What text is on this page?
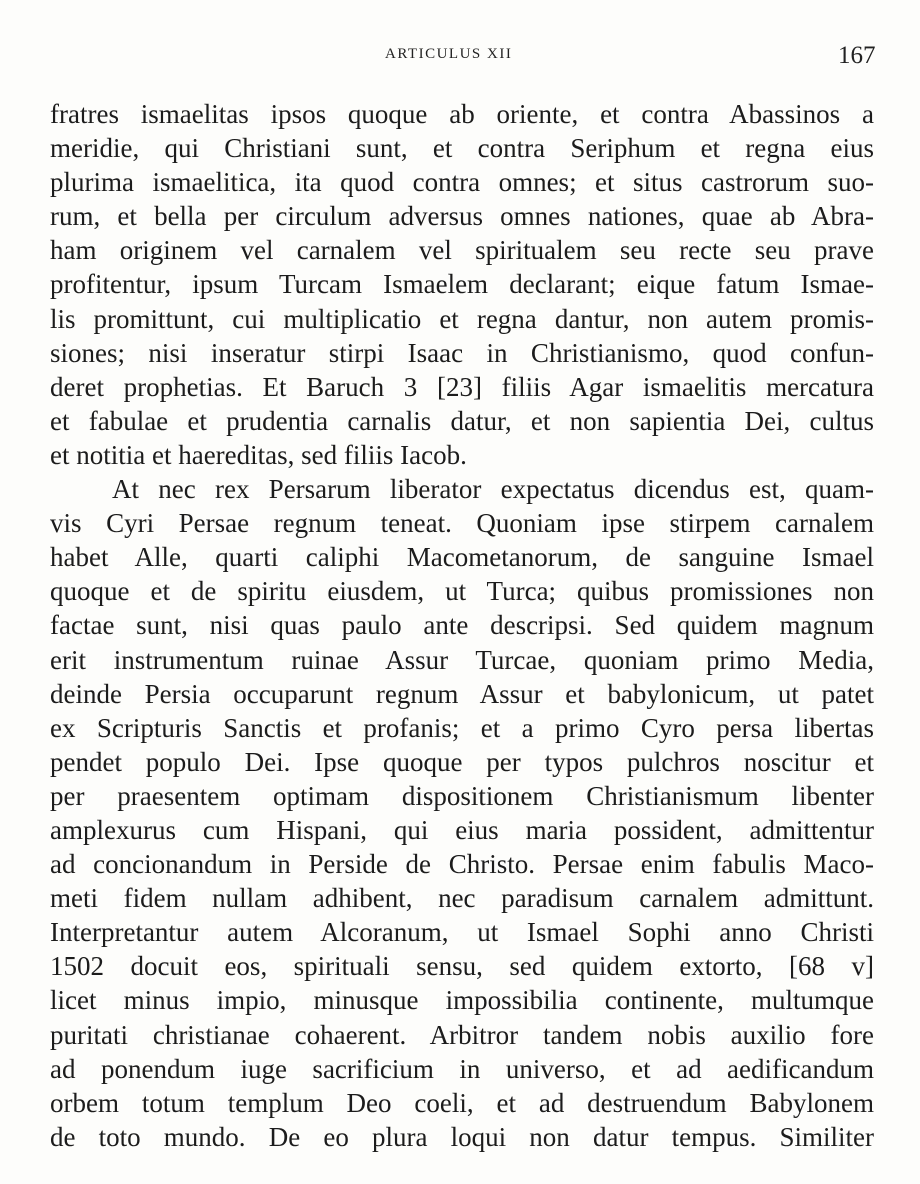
ARTICULUS XII	167
fratres ismaelitas ipsos quoque ab oriente, et contra Abassinos a
meridie, qui Christiani sunt, et contra Seriphum et regna eius
plurima ismaelitica, ita quod contra omnes; et situs castrorum suo-
rum, et bella per circulum adversus omnes nationes, quae ab Abra-
ham originem vel carnalem vel spiritualem seu recte seu prave
profitentur, ipsum Turcam Ismaelem declarant; eique fatum Ismae-
lis promittunt, cui multiplicatio et regna dantur, non autem promis-
siones; nisi inseratur stirpi Isaac in Christianismo, quod confun-
deret prophetias. Et Baruch 3 [23] filiis Agar ismaelitis mercatura
et fabulae et prudentia carnalis datur, et non sapientia Dei, cultus
et notitia et haereditas, sed filiis Iacob.
At nec rex Persarum liberator expectatus dicendus est, quam-
vis Cyri Persae regnum teneat. Quoniam ipse stirpem carnalem
habet Alle, quarti caliphi Macometanorum, de sanguine Ismael
quoque et de spiritu eiusdem, ut Turca; quibus promissiones non
factae sunt, nisi quas paulo ante descripsi. Sed quidem magnum
erit instrumentum ruinae Assur Turcae, quoniam primo Media,
deinde Persia occuparunt regnum Assur et babylonicum, ut patet
ex Scripturis Sanctis et profanis; et a primo Cyro persa libertas
pendet populo Dei. Ipse quoque per typos pulchros noscitur et
per praesentem optimam dispositionem Christianismum libenter
amplexurus cum Hispani, qui eius maria possident, admittentur
ad concionandum in Perside de Christo. Persae enim fabulis Maco-
meti fidem nullam adhibent, nec paradisum carnalem admittunt.
Interpretantur autem Alcoranum, ut Ismael Sophi anno Christi
1502 docuit eos, spirituali sensu, sed quidem extorto, [68 v]
licet minus impio, minusque impossibilia continente, multumque
puritati christianae cohaerent. Arbitror tandem nobis auxilio fore
ad ponendum iuge sacrificium in universo, et ad aedificandum
orbem totum templum Deo coeli, et ad destruendum Babylonem
de toto mundo. De eo plura loqui non datur tempus. Similiter
